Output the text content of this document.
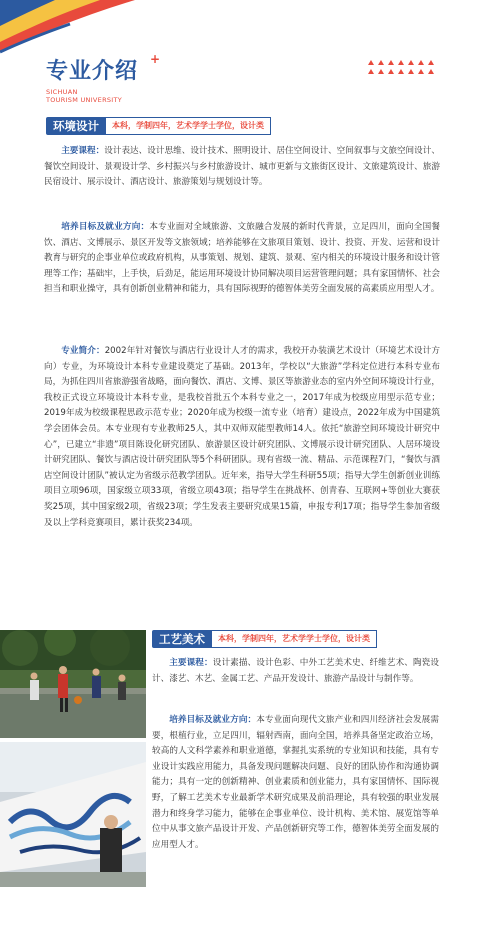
专业介绍 +
SICHUAN
TOURISM UNIVERSITY
环境设计	本科，学制四年，艺术学学士学位，设计类
主要课程：设计表达、设计思维、设计技术、照明设计、居住空间设计、空间叙事与文旅空间设计、餐饮空间设计、景观设计学、乡村振兴与乡村旅游设计、城市更新与文旅街区设计、文旅建筑设计、旅游民宿设计、展示设计、酒店设计、旅游策划与规划设计等。
培养目标及就业方向：本专业面对全域旅游、文旅融合发展的新时代背景，立足四川，面向全国餐饮、酒店、文博展示、景区开发等文旅领域；培养能够在文旅项目策划、设计、投资、开发、运营和设计教育与研究的企事业单位或政府机构，从事策划、规划、建筑、景观、室内相关的环境设计服务和设计管理等工作；基础牢，上手快，后劲足，能运用环境设计协同解决项目运营管理问题；具有家国情怀、社会担当和职业操守，具有创新创业精神和能力，具有国际视野的德智体美劳全面发展的高素质应用型人才。
专业简介：2002年针对餐饮与酒店行业设计人才的需求，我校开办装潢艺术设计（环境艺术设计方向）专业，为环境设计本科专业建设奠定了基础。2013年，学校以“大旅游”学科定位进行本科专业布局，为抓住四川省旅游强省战略，面向餐饮、酒店、文博、景区等旅游业态的室内外空间环境设计行业，我校正式设立环境设计本科专业，是我校首批五个本科专业之一，2017年成为校级应用型示范专业；2019年成为校级课程思政示范专业；2020年成为校级一流专业（培育）建设点，2022年成为中国建筑学会团体会员。本专业现有专业教师25人，其中双师双能型教师14人。依托“旅游空间环境设计研究中心”，已建立“非遗”项目陈设化研究团队、旅游景区设计研究团队、文博展示设计研究团队、人居环境设计研究团队、餐饮与酒店设计研究团队等5个科研团队。现有省级一流、精品、示范课程7门，“餐饮与酒店空间设计团队”被认定为省级示范教学团队。近年来，指导大学生科研55项；指导大学生创新创业训练项目立项96项，国家级立项33项，省级立项43项；指导学生在挑战杯、创青春、互联网+等创业大赛获奖25项，其中国家级2项，省级23项；学生发表主要研究成果15篇，申报专利17项；指导学生参加省级及以上学科竞赛项目，累计获奖234项。
工艺美术	本科，学制四年，艺术学学士学位，设计类
主要课程：设计素描、设计色彩、中外工艺美术史、纤维艺术、陶瓷设计、漆艺、木艺、金属工艺、产品开发设计、旅游产品设计与制作等。
培养目标及就业方向：本专业面向现代文旅产业和四川经济社会发展需要，根植行业，立足四川，辐射西南，面向全国，培养具备坚定政治立场，较高的人文科学素养和职业道德，掌握扎实系统的专业知识和技能，具有专业设计实践应用能力，具备发现问题解决问题、良好的团队协作和沟通协调能力；具有一定的创新精神、创业素质和创业能力，具有家国情怀、国际视野，了解工艺美术专业最新学术研究成果及前沿理论，具有较强的职业发展潜力和终身学习能力，能够在企事业单位、设计机构、美术馆、展览馆等单位中从事文旅产品设计开发、产品创新研究等工作，德智体美劳全面发展的应用型人才。
